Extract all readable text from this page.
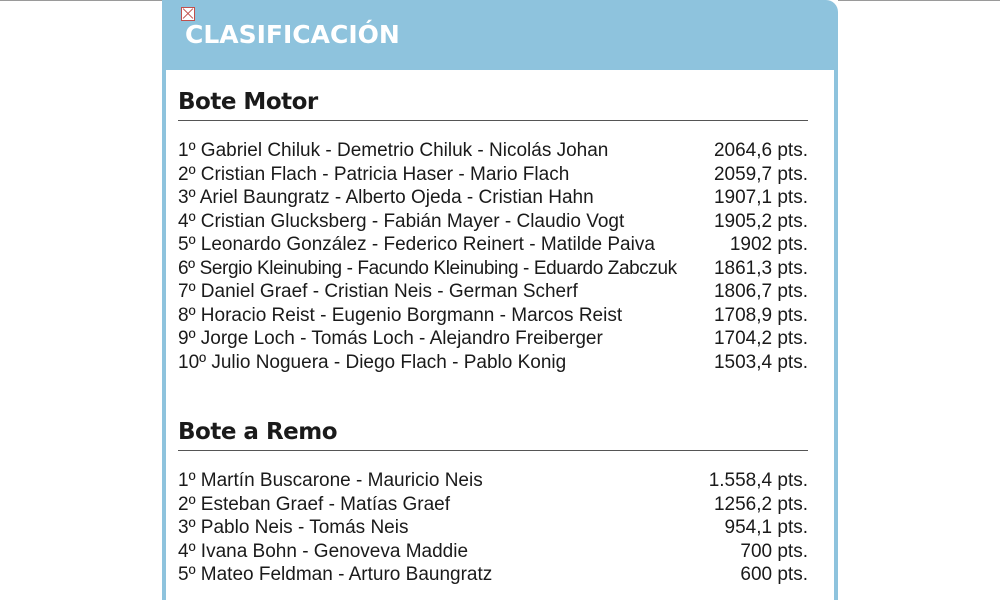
CLASIFICACIÓN
Bote Motor
1º Gabriel Chiluk - Demetrio Chiluk - Nicolás Johan	2064,6 pts.
2º Cristian Flach - Patricia Haser - Mario Flach	2059,7 pts.
3º Ariel Baungratz - Alberto Ojeda - Cristian Hahn	1907,1 pts.
4º Cristian Glucksberg - Fabián Mayer - Claudio Vogt	1905,2 pts.
5º Leonardo González - Federico Reinert - Matilde Paiva	1902 pts.
6º Sergio Kleinubing - Facundo Kleinubing - Eduardo Zabczuk	1861,3 pts.
7º Daniel Graef - Cristian Neis - German Scherf	1806,7 pts.
8º Horacio Reist - Eugenio Borgmann - Marcos Reist	1708,9 pts.
9º Jorge Loch - Tomás Loch - Alejandro Freiberger	1704,2 pts.
10º Julio Noguera - Diego Flach - Pablo Konig	1503,4 pts.
Bote a Remo
1º Martín Buscarone - Mauricio Neis	1.558,4 pts.
2º Esteban Graef - Matías Graef	1256,2 pts.
3º Pablo Neis - Tomás Neis	954,1 pts.
4º Ivana Bohn - Genoveva Maddie	700 pts.
5º Mateo Feldman - Arturo Baungratz	600 pts.
